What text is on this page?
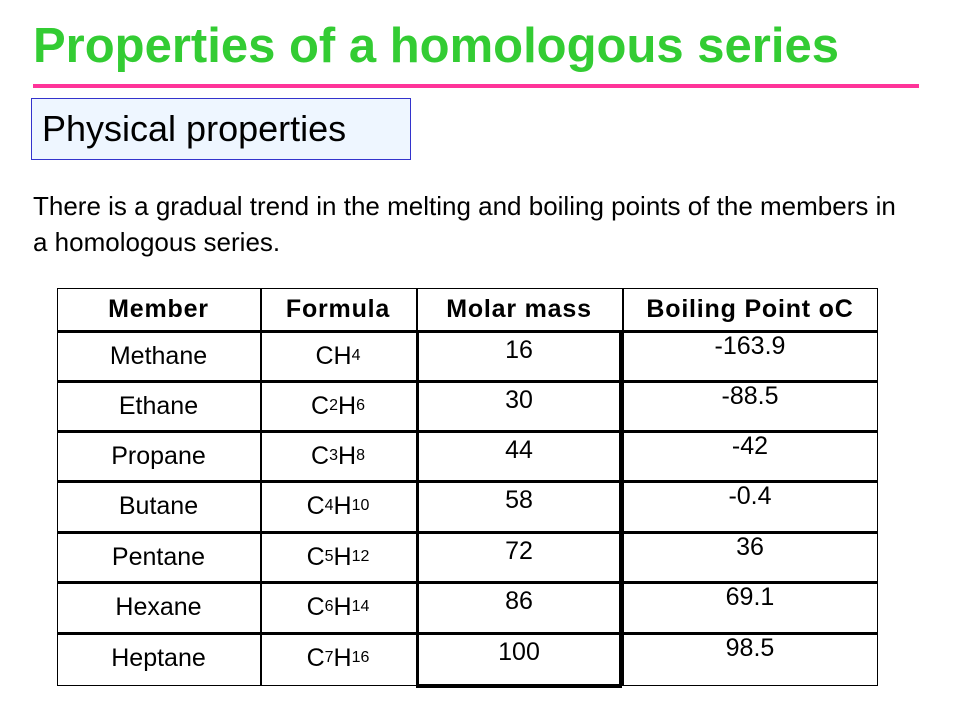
Properties of a homologous series
Physical properties

There is a gradual trend in the melting and boiling points of the members in a homologous series.

Member	Formula	Molar mass	Boiling Point oC
Methane	CH 4	16	-163.9
Ethane	C 2 H 6	30	-88.5
Propane	C 3 H 8	44	-42
Butane	C 4 H 10	58	-0.4
Pentane	C 5 H 12	72	36
Hexane	C 6 H 14	86	69.1
Heptane	C 7 H 16	100	98.5
